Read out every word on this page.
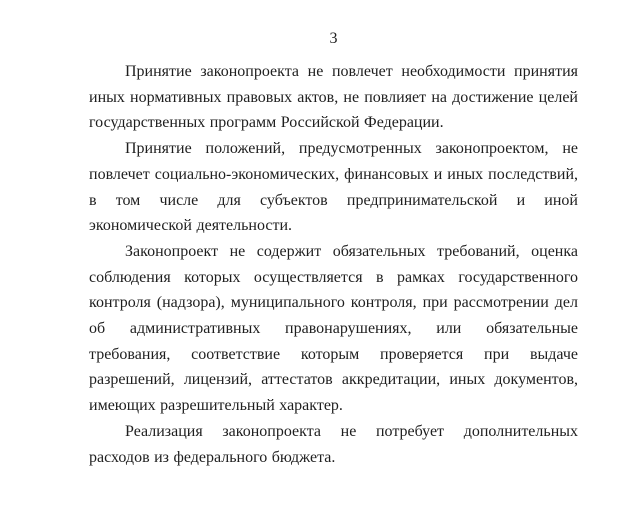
3

Принятие законопроекта не повлечет необходимости принятия иных нормативных правовых актов, не повлияет на достижение целей государственных программ Российской Федерации.

Принятие положений, предусмотренных законопроектом, не повлечет социально-экономических, финансовых и иных последствий, в том числе для субъектов предпринимательской и иной экономической деятельности.

Законопроект не содержит обязательных требований, оценка соблюдения которых осуществляется в рамках государственного контроля (надзора), муниципального контроля, при рассмотрении дел об административных правонарушениях, или обязательные требования, соответствие которым проверяется при выдаче разрешений, лицензий, аттестатов аккредитации, иных документов, имеющих разрешительный характер.

Реализация законопроекта не потребует дополнительных расходов из федерального бюджета.
